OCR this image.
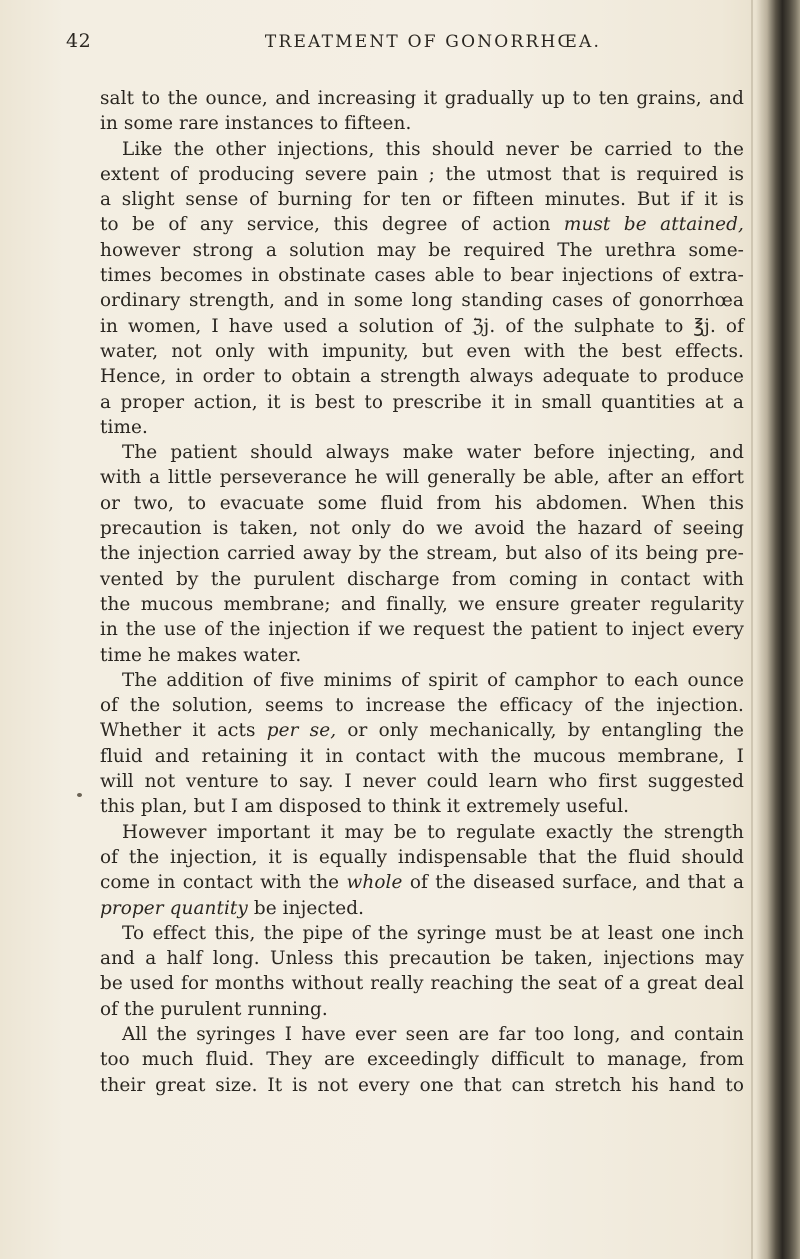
42	TREATMENT OF GONORRHŒA.
salt to the ounce, and increasing it gradually up to ten grains, and
in some rare instances to fifteen.
Like the other injections, this should never be carried to the
extent of producing severe pain ; the utmost that is required is
a slight sense of burning for ten or fifteen minutes. But if it is
to be of any service, this degree of action must be attained,
however strong a solution may be required The urethra some-
times becomes in obstinate cases able to bear injections of extra-
ordinary strength, and in some long standing cases of gonorrhœa
in women, I have used a solution of ℨj. of the sulphate to ℥j. of
water, not only with impunity, but even with the best effects.
Hence, in order to obtain a strength always adequate to produce
a proper action, it is best to prescribe it in small quantities at a
time.
The patient should always make water before injecting, and
with a little perseverance he will generally be able, after an effort
or two, to evacuate some fluid from his abdomen. When this
precaution is taken, not only do we avoid the hazard of seeing
the injection carried away by the stream, but also of its being pre-
vented by the purulent discharge from coming in contact with
the mucous membrane; and finally, we ensure greater regularity
in the use of the injection if we request the patient to inject every
time he makes water.
The addition of five minims of spirit of camphor to each ounce
of the solution, seems to increase the efficacy of the injection.
Whether it acts per se, or only mechanically, by entangling the
fluid and retaining it in contact with the mucous membrane, I
will not venture to say. I never could learn who first suggested
this plan, but I am disposed to think it extremely useful.
However important it may be to regulate exactly the strength
of the injection, it is equally indispensable that the fluid should
come in contact with the whole of the diseased surface, and that a
proper quantity be injected.
To effect this, the pipe of the syringe must be at least one inch
and a half long. Unless this precaution be taken, injections may
be used for months without really reaching the seat of a great deal
of the purulent running.
All the syringes I have ever seen are far too long, and contain
too much fluid. They are exceedingly difficult to manage, from
their great size. It is not every one that can stretch his hand to
